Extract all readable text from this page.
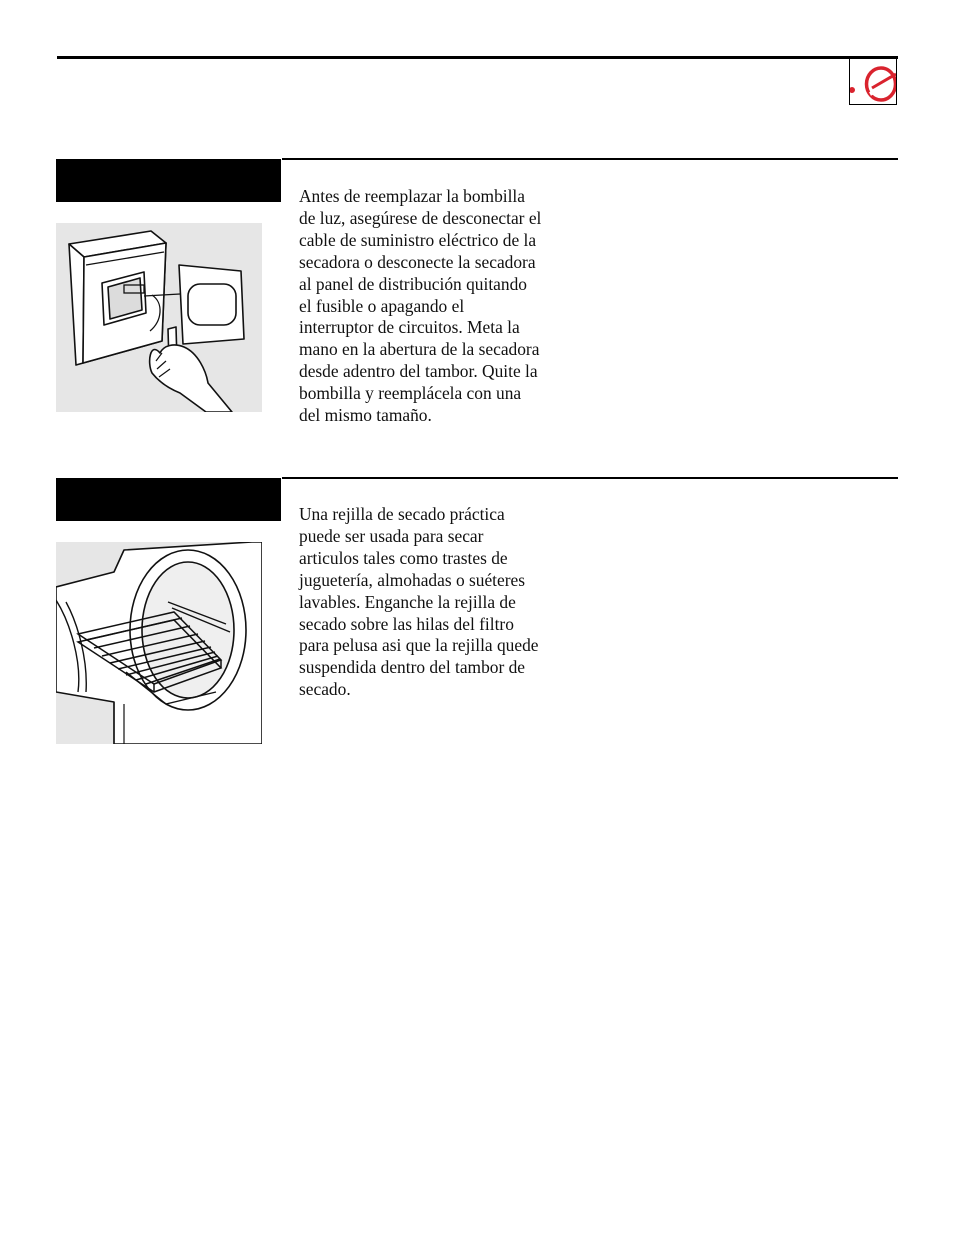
Antes de reemplazar la bombilla
de luz, asegúrese de desconectar el
cable de suministro eléctrico de la
secadora o desconecte la secadora
al panel de distribución quitando
el fusible o apagando el
interruptor de circuitos. Meta la
mano en la abertura de la secadora
desde adentro del tambor. Quite la
bombilla y reemplácela con una
del mismo tamaño.

Una rejilla de secado práctica
puede ser usada para secar
articulos tales como trastes de
juguetería, almohadas o suéteres
lavables. Enganche la rejilla de
secado sobre las hilas del filtro
para pelusa asi que la rejilla quede
suspendida dentro del tambor de
secado.
